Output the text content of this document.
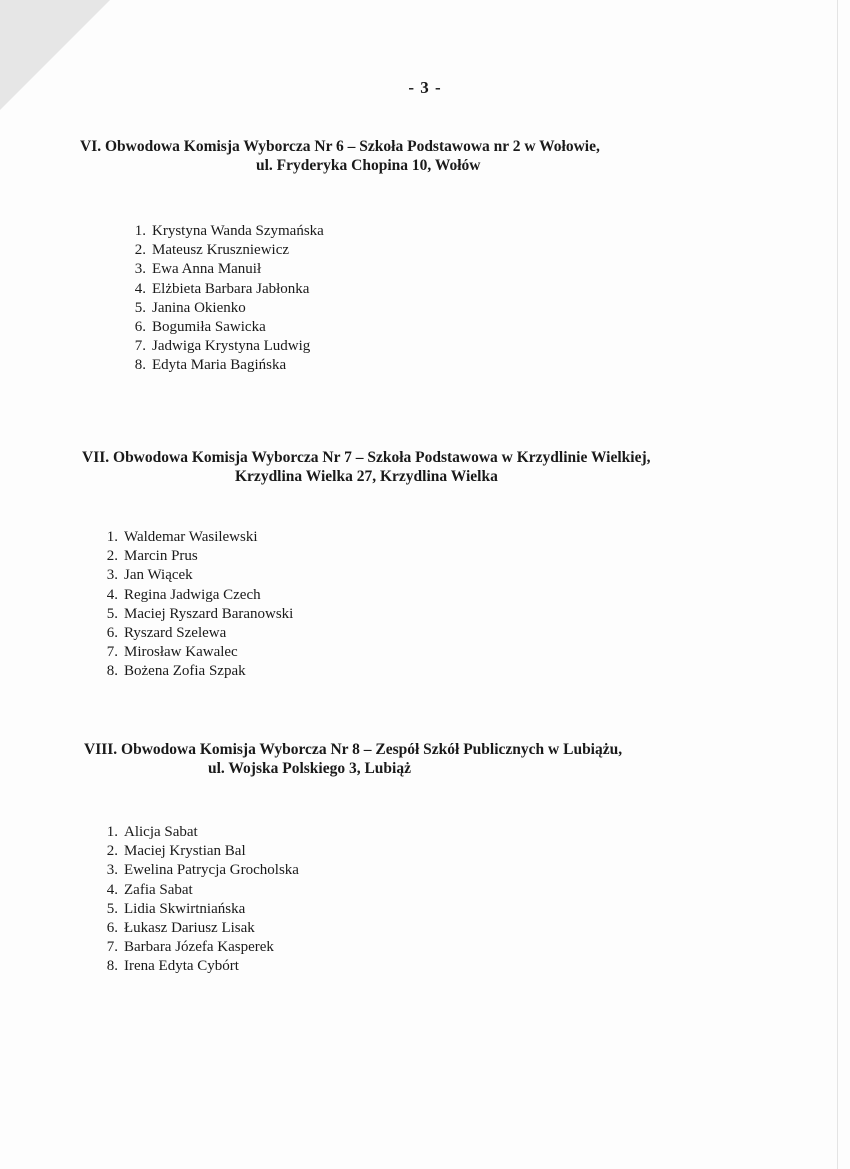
- 3 -
VI. Obwodowa Komisja Wyborcza Nr 6 – Szkoła Podstawowa nr 2 w Wołowie,
ul. Fryderyka Chopina 10, Wołów
1. Krystyna Wanda Szymańska
2. Mateusz Kruszniewicz
3. Ewa Anna Manuił
4. Elżbieta Barbara Jabłonka
5. Janina Okienko
6. Bogumiła Sawicka
7. Jadwiga Krystyna Ludwig
8. Edyta Maria Bagińska
VII. Obwodowa Komisja Wyborcza Nr 7 – Szkoła Podstawowa w Krzydlinie Wielkiej,
Krzydlina Wielka 27, Krzydlina Wielka
1. Waldemar Wasilewski
2. Marcin Prus
3. Jan Wiącek
4. Regina Jadwiga Czech
5. Maciej Ryszard Baranowski
6. Ryszard Szelewa
7. Mirosław Kawalec
8. Bożena Zofia Szpak
VIII. Obwodowa Komisja Wyborcza Nr 8 – Zespół Szkół Publicznych w Lubiążu,
ul. Wojska Polskiego 3, Lubiąż
1. Alicja Sabat
2. Maciej Krystian Bal
3. Ewelina Patrycja Grocholska
4. Zafia Sabat
5. Lidia Skwirtniańska
6. Łukasz Dariusz Lisak
7. Barbara Józefa Kasperek
8. Irena Edyta Cybórt
